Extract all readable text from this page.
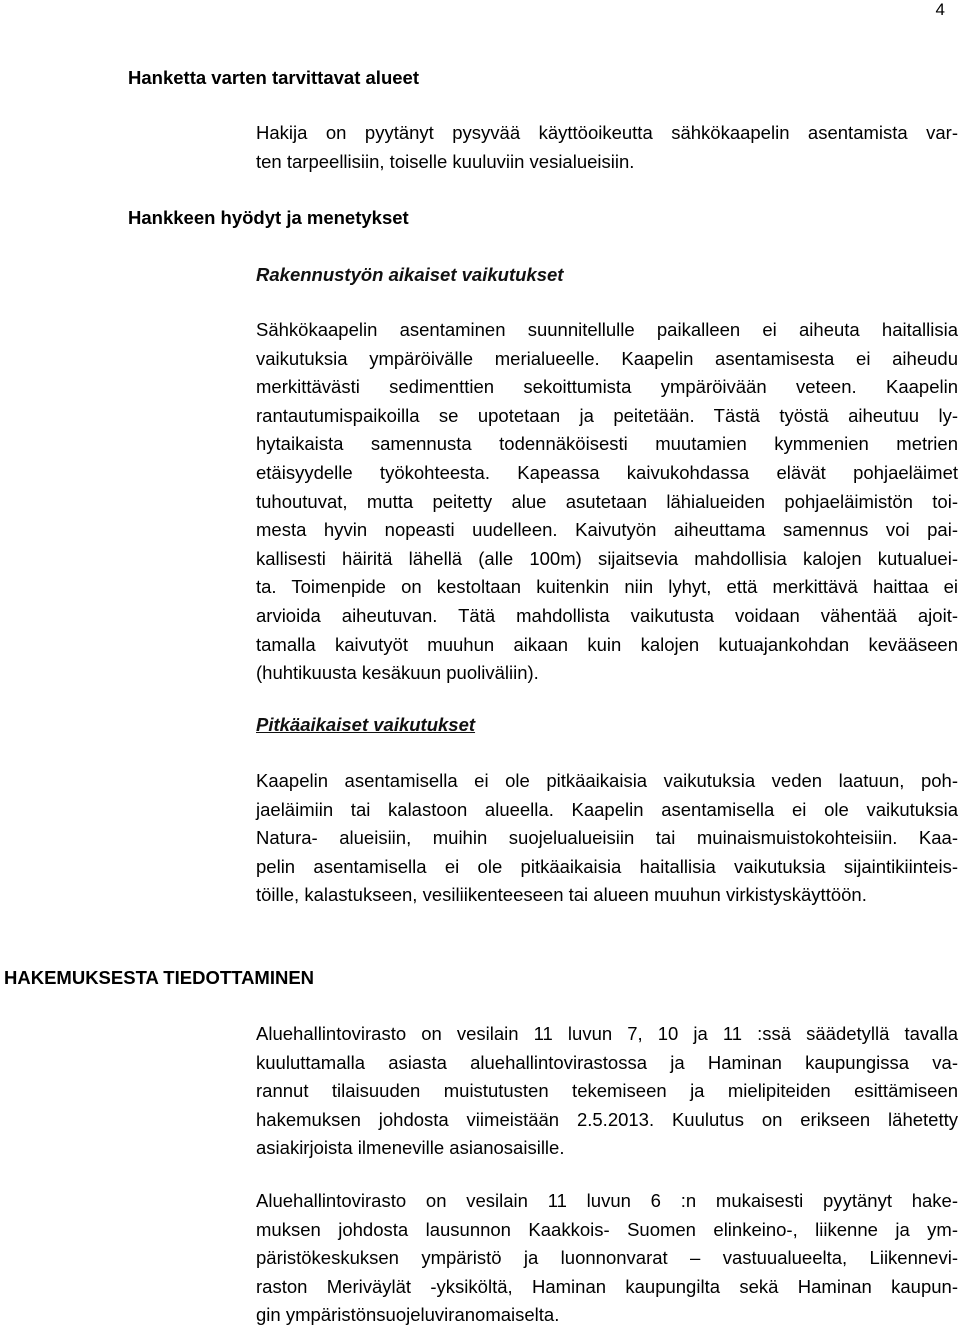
4
Hanketta varten tarvittavat alueet

Hakija on pyytänyt pysyvää käyttöoikeutta sähkökaapelin asentamista var-
ten tarpeellisiin, toiselle kuuluviin vesialueisiin.

Hankkeen hyödyt ja menetykset
Rakennustyön aikaiset vaikutukset

Sähkökaapelin asentaminen suunnitellulle paikalleen ei aiheuta haitallisia
vaikutuksia ympäröivälle merialueelle. Kaapelin asentamisesta ei aiheudu
merkittävästi sedimenttien sekoittumista ympäröivään veteen. Kaapelin
rantautumispaikoilla se upotetaan ja peitetään. Tästä työstä aiheutuu ly-
hytaikaista samennusta todennäköisesti muutamien kymmenien metrien
etäisyydelle työkohteesta. Kapeassa kaivukohdassa elävät pohjaeläimet
tuhoutuvat, mutta peitetty alue asutetaan lähialueiden pohjaeläimistön toi-
mesta hyvin nopeasti uudelleen. Kaivutyön aiheuttama samennus voi pai-
kallisesti häiritä lähellä (alle 100m) sijaitsevia mahdollisia kalojen kutualuei-
ta. Toimenpide on kestoltaan kuitenkin niin lyhyt, että merkittävä haittaa ei
arvioida aiheutuvan. Tätä mahdollista vaikutusta voidaan vähentää ajoit-
tamalla kaivutyöt muuhun aikaan kuin kalojen kutuajankohdan kevääseen
(huhtikuusta kesäkuun puoliväliin).

Pitkäaikaiset vaikutukset

Kaapelin asentamisella ei ole pitkäaikaisia vaikutuksia veden laatuun, poh-
jaeläimiin tai kalastoon alueella. Kaapelin asentamisella ei ole vaikutuksia
Natura- alueisiin, muihin suojelualueisiin tai muinaismuistokohteisiin. Kaa-
pelin asentamisella ei ole pitkäaikaisia haitallisia vaikutuksia sijaintikiinteis-
töille, kalastukseen, vesiliikenteeseen tai alueen muuhun virkistyskäyttöön.

HAKEMUKSESTA TIEDOTTAMINEN

Aluehallintovirasto on vesilain 11 luvun 7, 10 ja 11 :ssä säädetyllä tavalla
kuuluttamalla asiasta aluehallintovirastossa ja Haminan kaupungissa va-
rannut tilaisuuden muistutusten tekemiseen ja mielipiteiden esittämiseen
hakemuksen johdosta viimeistään 2.5.2013. Kuulutus on erikseen lähetetty
asiakirjoista ilmeneville asianosaisille.

Aluehallintovirasto on vesilain 11 luvun 6 :n mukaisesti pyytänyt hake-
muksen johdosta lausunnon Kaakkois- Suomen elinkeino-, liikenne ja ym-
päristökeskuksen ympäristö ja luonnonvarat – vastuualueelta, Liikennevi-
raston Meriväylät -yksiköltä, Haminan kaupungilta sekä Haminan kaupun-
gin ympäristönsuojeluviranomaiselta.
